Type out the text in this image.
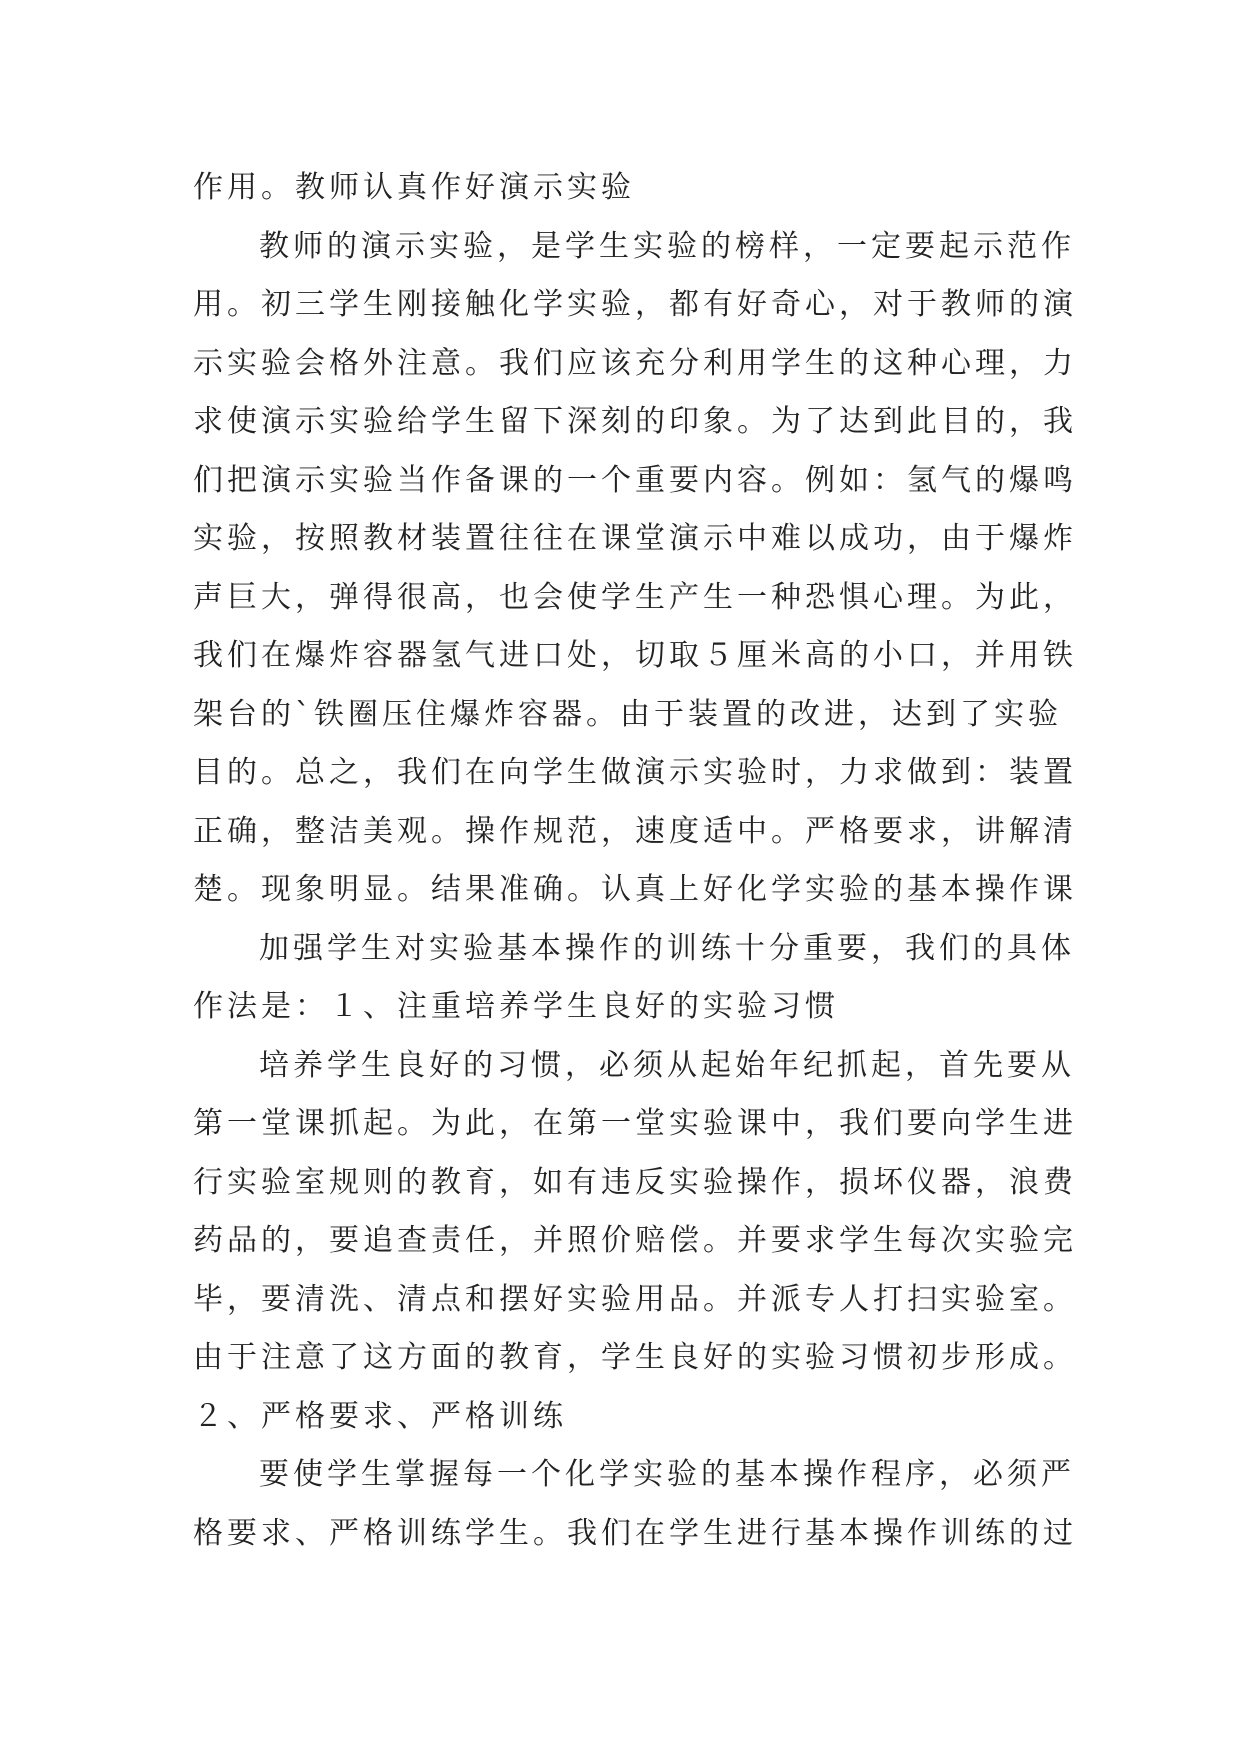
作用。教师认真作好演示实验
教师的演示实验，是学生实验的榜样，一定要起示范作
用。初三学生刚接触化学实验，都有好奇心，对于教师的演
示实验会格外注意。我们应该充分利用学生的这种心理，力
求使演示实验给学生留下深刻的印象。为了达到此目的，我
们把演示实验当作备课的一个重要内容。例如：氢气的爆鸣
实验，按照教材装置往往在课堂演示中难以成功，由于爆炸
声巨大，弹得很高，也会使学生产生一种恐惧心理。为此，
我们在爆炸容器氢气进口处，切取５厘米高的小口，并用铁
架台的`铁圈压住爆炸容器。由于装置的改进，达到了实验
目的。总之，我们在向学生做演示实验时，力求做到：装置
正确，整洁美观。操作规范，速度适中。严格要求，讲解清
楚。现象明显。结果准确。认真上好化学实验的基本操作课
加强学生对实验基本操作的训练十分重要，我们的具体
作法是：１、注重培养学生良好的实验习惯
培养学生良好的习惯，必须从起始年纪抓起，首先要从
第一堂课抓起。为此，在第一堂实验课中，我们要向学生进
行实验室规则的教育，如有违反实验操作，损坏仪器，浪费
药品的，要追查责任，并照价赔偿。并要求学生每次实验完
毕，要清洗、清点和摆好实验用品。并派专人打扫实验室。
由于注意了这方面的教育，学生良好的实验习惯初步形成。
２、严格要求、严格训练
要使学生掌握每一个化学实验的基本操作程序，必须严
格要求、严格训练学生。我们在学生进行基本操作训练的过
